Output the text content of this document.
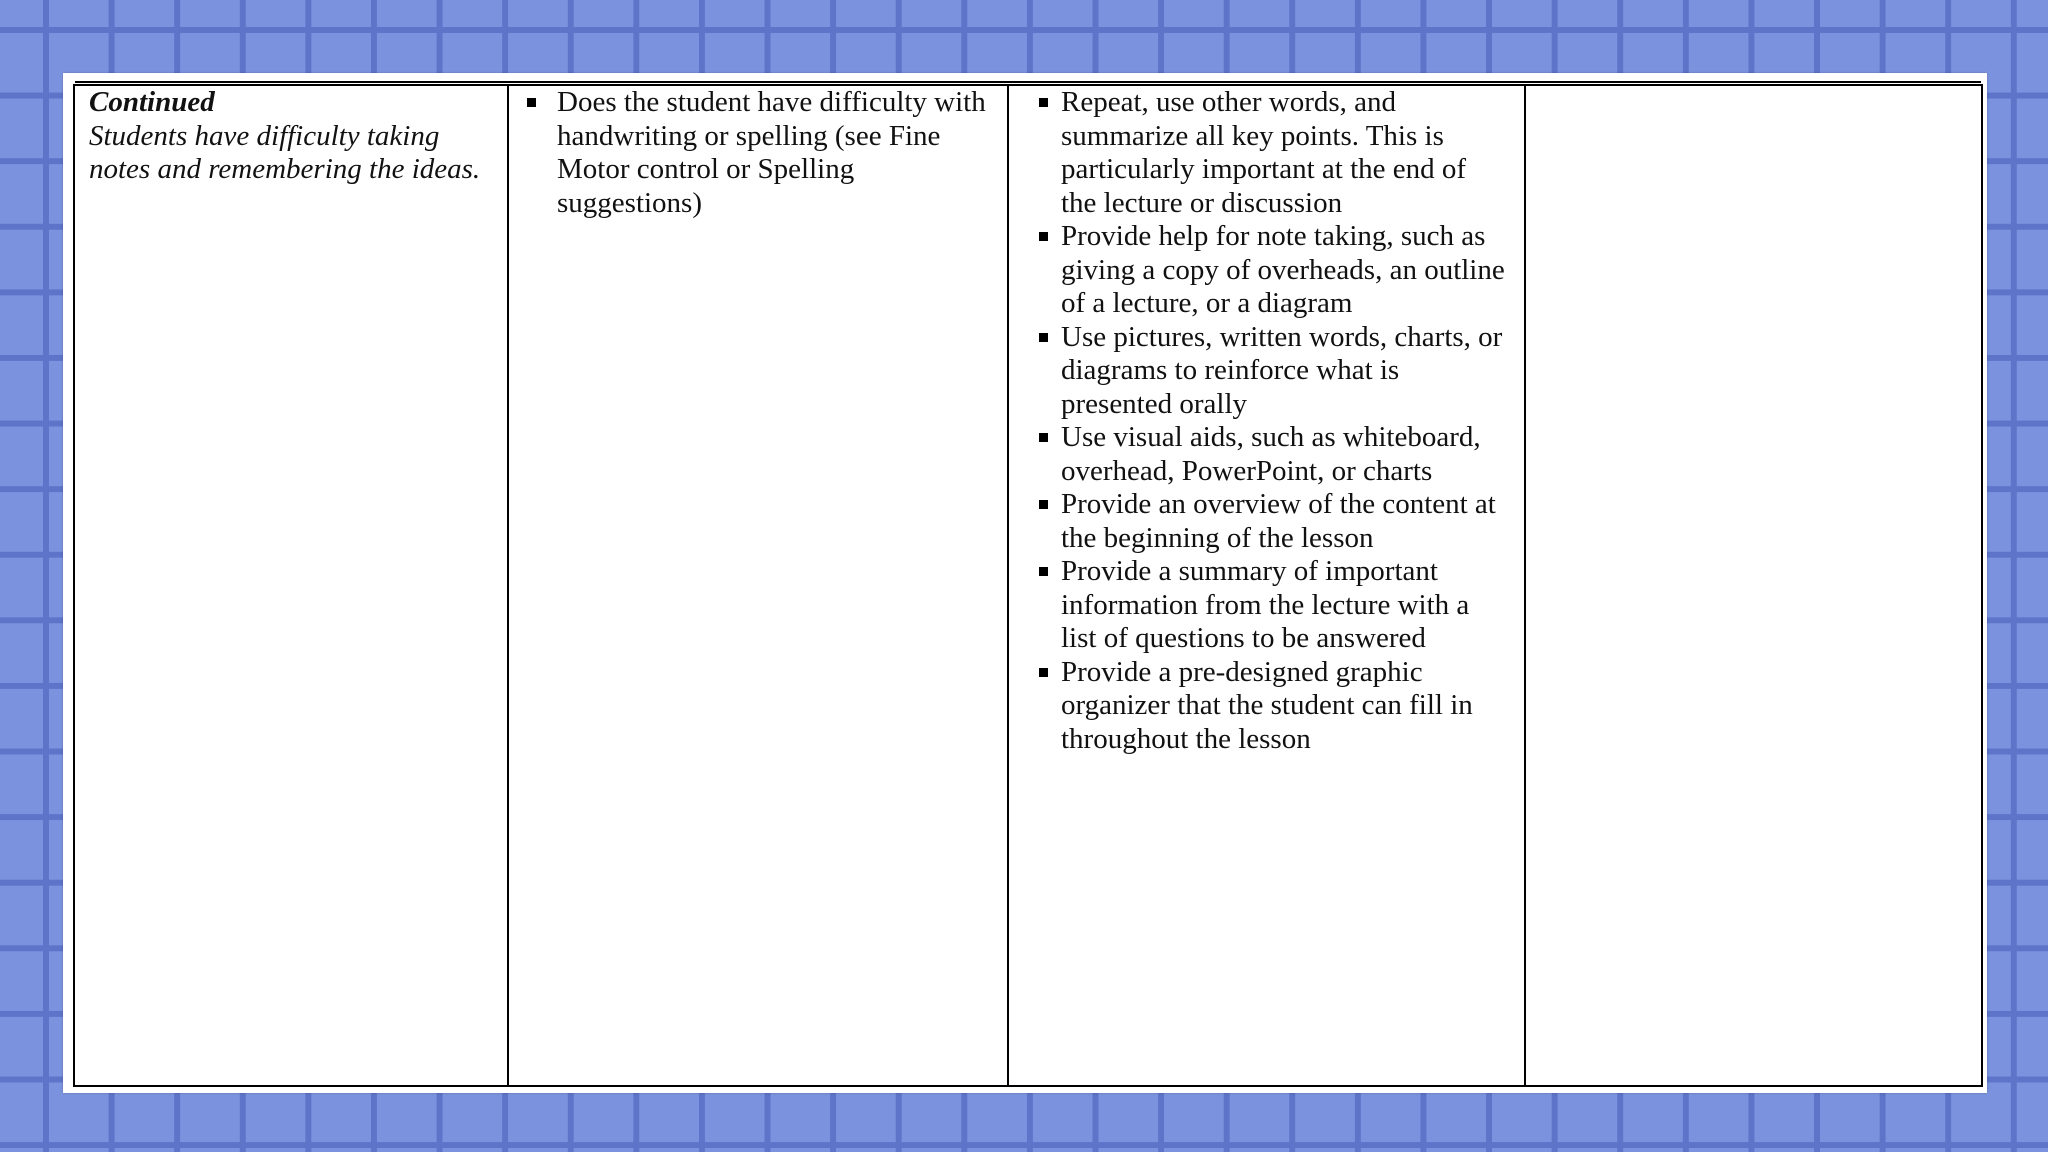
Continued
Students have difficulty taking notes and remembering the ideas.

Does the student have difficulty with handwriting or spelling (see Fine Motor control or Spelling suggestions)

Repeat, use other words, and summarize all key points. This is particularly important at the end of the lecture or discussion
Provide help for note taking, such as giving a copy of overheads, an outline of a lecture, or a diagram
Use pictures, written words, charts, or diagrams to reinforce what is presented orally
Use visual aids, such as whiteboard, overhead, PowerPoint, or charts
Provide an overview of the content at the beginning of the lesson
Provide a summary of important information from the lecture with a list of questions to be answered
Provide a pre-designed graphic organizer that the student can fill in throughout the lesson
